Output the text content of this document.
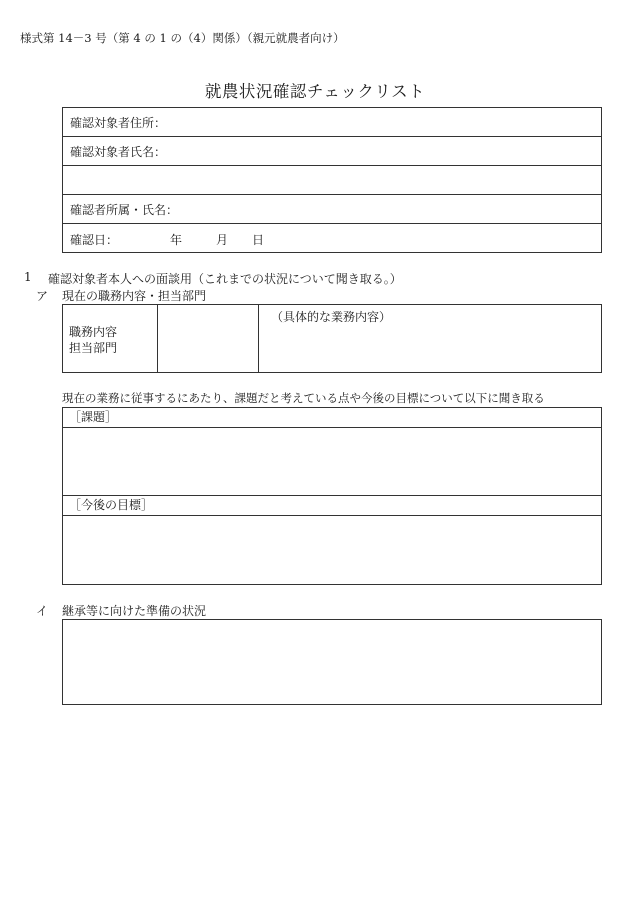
様式第 14－3 号（第 4 の 1 の（4）関係）（親元就農者向け）
就農状況確認チェックリスト
確認対象者住所：
確認対象者氏名：
確認者所属・氏名：
確認日：	年	月 日
1 確認対象者本人への面談用（これまでの状況について聞き取る。）
ア 現在の職務内容・担当部門
職務内容
担当部門
（具体的な業務内容）
現在の業務に従事するにあたり、課題だと考えている点や今後の目標について以下に聞き取る
［課題］
［今後の目標］
イ 継承等に向けた準備の状況
